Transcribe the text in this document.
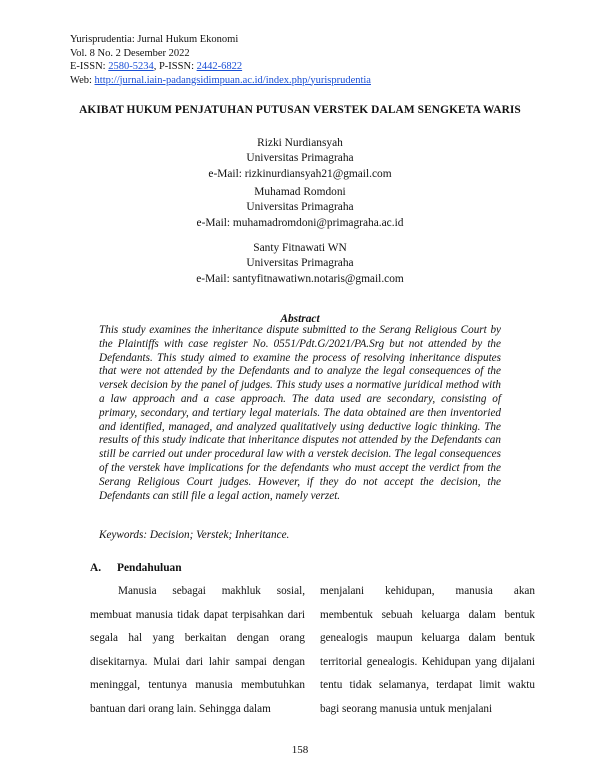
Yurisprudentia: Jurnal Hukum Ekonomi
Vol. 8 No. 2 Desember 2022
E-ISSN: 2580-5234, P-ISSN: 2442-6822
Web: http://jurnal.iain-padangsidimpuan.ac.id/index.php/yurisprudentia
AKIBAT HUKUM PENJATUHAN PUTUSAN VERSTEK DALAM SENGKETA WARIS
Rizki Nurdiansyah
Universitas Primagraha
e-Mail: rizkinurdiansyah21@gmail.com
Muhamad Romdoni
Universitas Primagraha
e-Mail: muhamadromdoni@primagraha.ac.id
Santy Fitnawati WN
Universitas Primagraha
e-Mail: santyfitnawatiwn.notaris@gmail.com
Abstract
This study examines the inheritance dispute submitted to the Serang Religious Court by the Plaintiffs with case register No. 0551/Pdt.G/2021/PA.Srg but not attended by the Defendants. This study aimed to examine the process of resolving inheritance disputes that were not attended by the Defendants and to analyze the legal consequences of the versek decision by the panel of judges. This study uses a normative juridical method with a law approach and a case approach. The data used are secondary, consisting of primary, secondary, and tertiary legal materials. The data obtained are then inventoried and identified, managed, and analyzed qualitatively using deductive logic thinking. The results of this study indicate that inheritance disputes not attended by the Defendants can still be carried out under procedural law with a verstek decision. The legal consequences of the verstek have implications for the defendants who must accept the verdict from the Serang Religious Court judges. However, if they do not accept the decision, the Defendants can still file a legal action, namely verzet.
Keywords: Decision; Verstek; Inheritance.
A. Pendahuluan
Manusia sebagai makhluk sosial, membuat manusia tidak dapat terpisahkan dari segala hal yang berkaitan dengan orang disekitarnya. Mulai dari lahir sampai dengan meninggal, tentunya manusia membutuhkan bantuan dari orang lain. Sehingga dalam
menjalani kehidupan, manusia akan membentuk sebuah keluarga dalam bentuk genealogis maupun keluarga dalam bentuk territorial genealogis. Kehidupan yang dijalani tentu tidak selamanya, terdapat limit waktu bagi seorang manusia untuk menjalani
158
